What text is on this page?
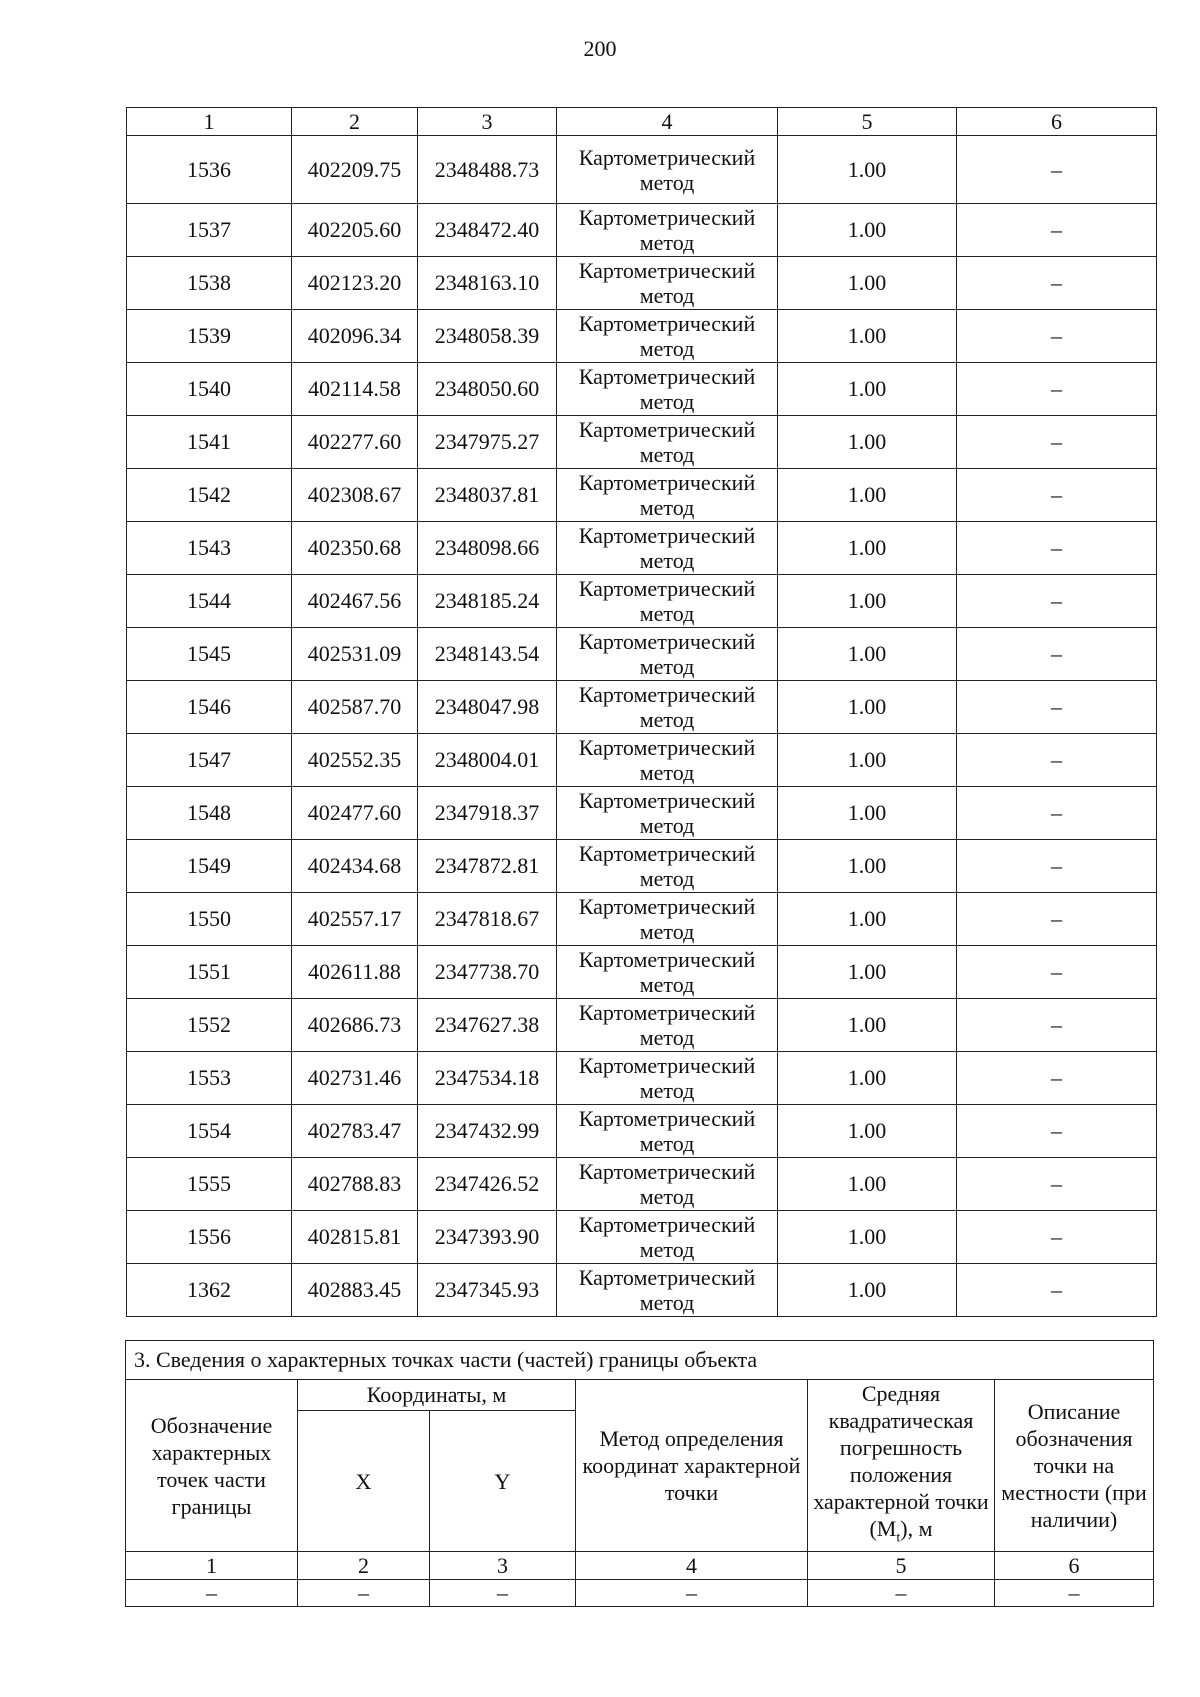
200
1	2	3	4	5	6
1536	402209.75	2348488.73	Картометрический метод	1.00	–
1537	402205.60	2348472.40	Картометрический метод	1.00	–
1538	402123.20	2348163.10	Картометрический метод	1.00	–
1539	402096.34	2348058.39	Картометрический метод	1.00	–
1540	402114.58	2348050.60	Картометрический метод	1.00	–
1541	402277.60	2347975.27	Картометрический метод	1.00	–
1542	402308.67	2348037.81	Картометрический метод	1.00	–
1543	402350.68	2348098.66	Картометрический метод	1.00	–
1544	402467.56	2348185.24	Картометрический метод	1.00	–
1545	402531.09	2348143.54	Картометрический метод	1.00	–
1546	402587.70	2348047.98	Картометрический метод	1.00	–
1547	402552.35	2348004.01	Картометрический метод	1.00	–
1548	402477.60	2347918.37	Картометрический метод	1.00	–
1549	402434.68	2347872.81	Картометрический метод	1.00	–
1550	402557.17	2347818.67	Картометрический метод	1.00	–
1551	402611.88	2347738.70	Картометрический метод	1.00	–
1552	402686.73	2347627.38	Картометрический метод	1.00	–
1553	402731.46	2347534.18	Картометрический метод	1.00	–
1554	402783.47	2347432.99	Картометрический метод	1.00	–
1555	402788.83	2347426.52	Картометрический метод	1.00	–
1556	402815.81	2347393.90	Картометрический метод	1.00	–
1362	402883.45	2347345.93	Картометрический метод	1.00	–
3. Сведения о характерных точках части (частей) границы объекта					
Обозначение характерных точек части границы	Координаты, м		Метод определения координат характерной точки	Средняя квадратическая погрешность положения характерной точки $(M_t)$, м	Описание обозначения точки на местности (при наличии)
	X	Y			
1	2	3	4	5	6
–	–	–	–	–	–
